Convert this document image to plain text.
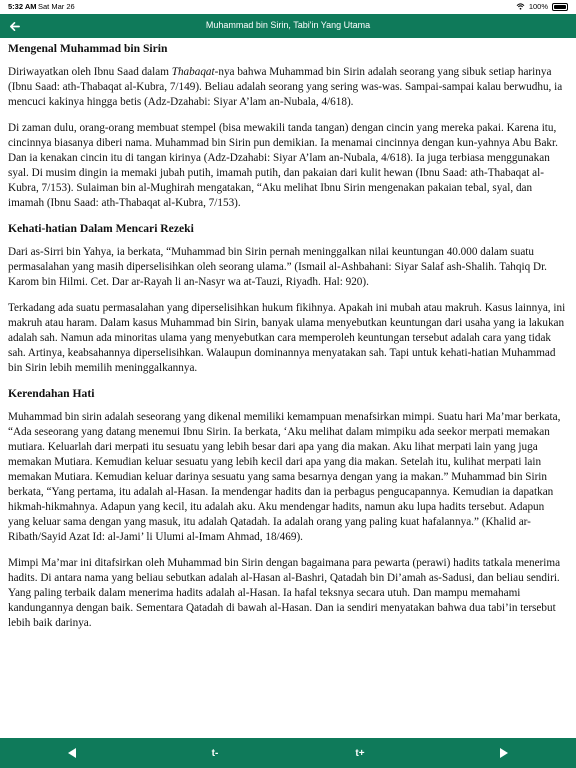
5:32 AM Sat Mar 26	100%
Muhammad bin Sirin, Tabi'in Yang Utama
Mengenal Muhammad bin Sirin

Diriwayatkan oleh Ibnu Saad dalam Thabaqat-nya bahwa Muhammad bin Sirin adalah seorang yang sibuk setiap harinya (Ibnu Saad: ath-Thabaqat al-Kubra, 7/149). Beliau adalah seorang yang sering was-was. Sampai-sampai kalau berwudhu, ia mencuci kakinya hingga betis (Adz-Dzahabi: Siyar A’lam an-Nubala, 4/618).

Di zaman dulu, orang-orang membuat stempel (bisa mewakili tanda tangan) dengan cincin yang mereka pakai. Karena itu, cincinnya biasanya diberi nama. Muhammad bin Sirin pun demikian. Ia menamai cincinnya dengan kun-yahnya Abu Bakr. Dan ia kenakan cincin itu di tangan kirinya (Adz-Dzahabi: Siyar A’lam an-Nubala, 4/618). Ia juga terbiasa menggunakan syal. Di musim dingin ia memaki jubah putih, imamah putih, dan pakaian dari kulit hewan (Ibnu Saad: ath-Thabaqat al-Kubra, 7/153). Sulaiman bin al-Mughirah mengatakan, “Aku melihat Ibnu Sirin mengenakan pakaian tebal, syal, dan imamah (Ibnu Saad: ath-Thabaqat al-Kubra, 7/153).

Kehati-hatian Dalam Mencari Rezeki

Dari as-Sirri bin Yahya, ia berkata, “Muhammad bin Sirin pernah meninggalkan nilai keuntungan 40.000 dalam suatu permasalahan yang masih diperselisihkan oleh seorang ulama.” (Ismail al-Ashbahani: Siyar Salaf ash-Shalih. Tahqiq Dr. Karom bin Hilmi. Cet. Dar ar-Rayah li an-Nasyr wa at-Tauzi, Riyadh. Hal: 920).

Terkadang ada suatu permasalahan yang diperselisihkan hukum fikihnya. Apakah ini mubah atau makruh. Kasus lainnya, ini makruh atau haram. Dalam kasus Muhammad bin Sirin, banyak ulama menyebutkan keuntungan dari usaha yang ia lakukan adalah sah. Namun ada minoritas ulama yang menyebutkan cara memperoleh keuntungan tersebut adalah cara yang tidak sah. Artinya, keabsahannya diperselisihkan. Walaupun dominannya menyatakan sah. Tapi untuk kehati-hatian Muhammad bin Sirin lebih memilih meninggalkannya.

Kerendahan Hati

Muhammad bin sirin adalah seseorang yang dikenal memiliki kemampuan menafsirkan mimpi. Suatu hari Ma’mar berkata, “Ada seseorang yang datang menemui Ibnu Sirin. Ia berkata, ‘Aku melihat dalam mimpiku ada seekor merpati memakan mutiara. Keluarlah dari merpati itu sesuatu yang lebih besar dari apa yang dia makan. Aku lihat merpati lain yang juga memakan Mutiara. Kemudian keluar sesuatu yang lebih kecil dari apa yang dia makan. Setelah itu, kulihat merpati lain memakan Mutiara. Kemudian keluar darinya sesuatu yang sama besarnya dengan yang ia makan.” Muhammad bin Sirin berkata, “Yang pertama, itu adalah al-Hasan. Ia mendengar hadits dan ia perbagus pengucapannya. Kemudian ia dapatkan hikmah-hikmahnya. Adapun yang kecil, itu adalah aku. Aku mendengar hadits, namun aku lupa hadits tersebut. Adapun yang keluar sama dengan yang masuk, itu adalah Qatadah. Ia adalah orang yang paling kuat hafalannya.” (Khalid ar-Ribath/Sayid Azat Id: al-Jami’ li Ulumi al-Imam Ahmad, 18/469).

Mimpi Ma’mar ini ditafsirkan oleh Muhammad bin Sirin dengan bagaimana para pewarta (perawi) hadits tatkala menerima hadits. Di antara nama yang beliau sebutkan adalah al-Hasan al-Bashri, Qatadah bin Di’amah as-Sadusi, dan beliau sendiri. Yang paling terbaik dalam menerima hadits adalah al-Hasan. Ia hafal teksnya secara utuh. Dan mampu memahami kandungannya dengan baik. Sementara Qatadah di bawah al-Hasan. Dan ia sendiri menyatakan bahwa dua tabi’in tersebut lebih baik darinya.

t-	t+
